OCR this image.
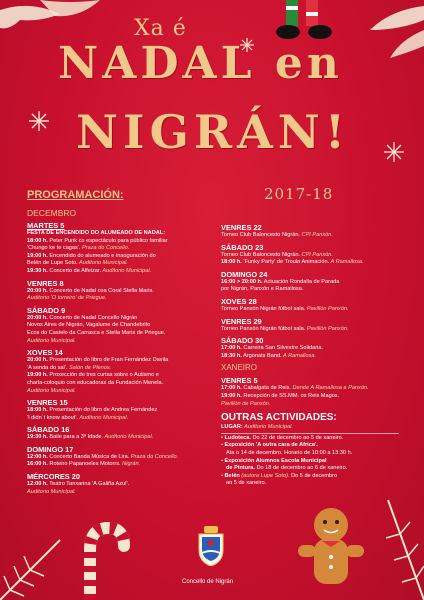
Xa é
NADAL en
NIGRÁN!
2017-18
PROGRAMACIÓN:
DECEMBRO
MARTES 5
FESTA DE ENCENDIDO DO ALUMEADO DE NADAL:
18:00 h. Peter Punk co espectáculo para público familiar
'Chungo ke te cagas'. Praza do Concello.
19:00 h. Encendido do alumeado e inauguración do
Belén de Lupe Soto. Auditorio Municipal.
19:30 h. Concerto de Alfeizar. Auditorio Municipal.
VENRES 8
20:00 h. Concerto de Nadal coa Coral Stella Maris.
Auditorio 'O torreiro' de Priegue.
SÁBADO 9
20:00 h. Concerto de Nadal Concello Nigrán
Novos Aires de Nigrán, Vagalume de Chandebrito
Ecos do Castelo da Carrasca e Stella Maris de Priegue.
Auditorio Municipal.
XOVES 14
20:00 h. Presentación do libro de Fran Fernández Davila
'A senda do sal'. Salón de Plenos.
19:00 h. Proxección de tres curtas sobre o Autismo e
charla-coloquio con educadoras da Fundación Menela.
Auditorio Municipal.
VENRES 15
18:00 h. Presentación do libro de Andrea Fernández
'I didn´t know about'. Auditorio Municipal.
SÁBADO 16
19:30 h. Baile para a 3ª Idade. Auditorio Municipal.
DOMINGO 17
12:00 h. Concerto Banda Música de Lira. Praza do Concello.
16:00 h. Roteiro Papanoeles Motorrs. Nigrán.
MÉRCORES 20
12:00 h. Teatro Tanxarina 'A Galiña Azul'.
Auditorio Municipal.
VENRES 22
Torneo Club Baloncesto Nigrán. CPI Panxón.
SÁBADO 23
Torneo Club Baloncesto Nigrán. CPI Panxón.
18:00 h. 'Funky Party' de Troula Animación. A Ramallosa.
DOMINGO 24
16:00 > 20:00 h. Actuación Rondalla de Parada
por Nigrán, Panxón e Ramallosa.
XOVES 28
Torneo Panxón Nigrán fútbol sala. Pavillón Panxón.
VENRES 29
Torneo Panxón Nigrán fútbol sala. Pavillón Panxón.
SÁBADO 30
17:00 h. Carreira San Silvestre Solidaria.
18:30 h. Argonats Band. A Ramallosa.
XANEIRO
VENRES 5
17:00 h. Cabalgata de Reis. Dende A Ramallosa a Panxón.
19:00 h. Recepción de SS.MM. os Reis Magos.
Pavillón de Panxón.
OUTRAS ACTIVIDADES:
LUGAR: Auditorio Municipal.
• Ludoteca. Do 22 de decembro ao 5 de xaneiro.
• Exposición 'A outra cara de Africa'.
Ata o 14 de decembro. Horario de 10:00 a 13:30 h.
• Exposición Alumnos Escola Municipal
de Pintura. Do 18 de decembro ao 6 de xaneiro.
• Belén (autora Lupe Soto). Do 5 de decembro
ao 5 de xaneiro.
Concello de Nigrán
